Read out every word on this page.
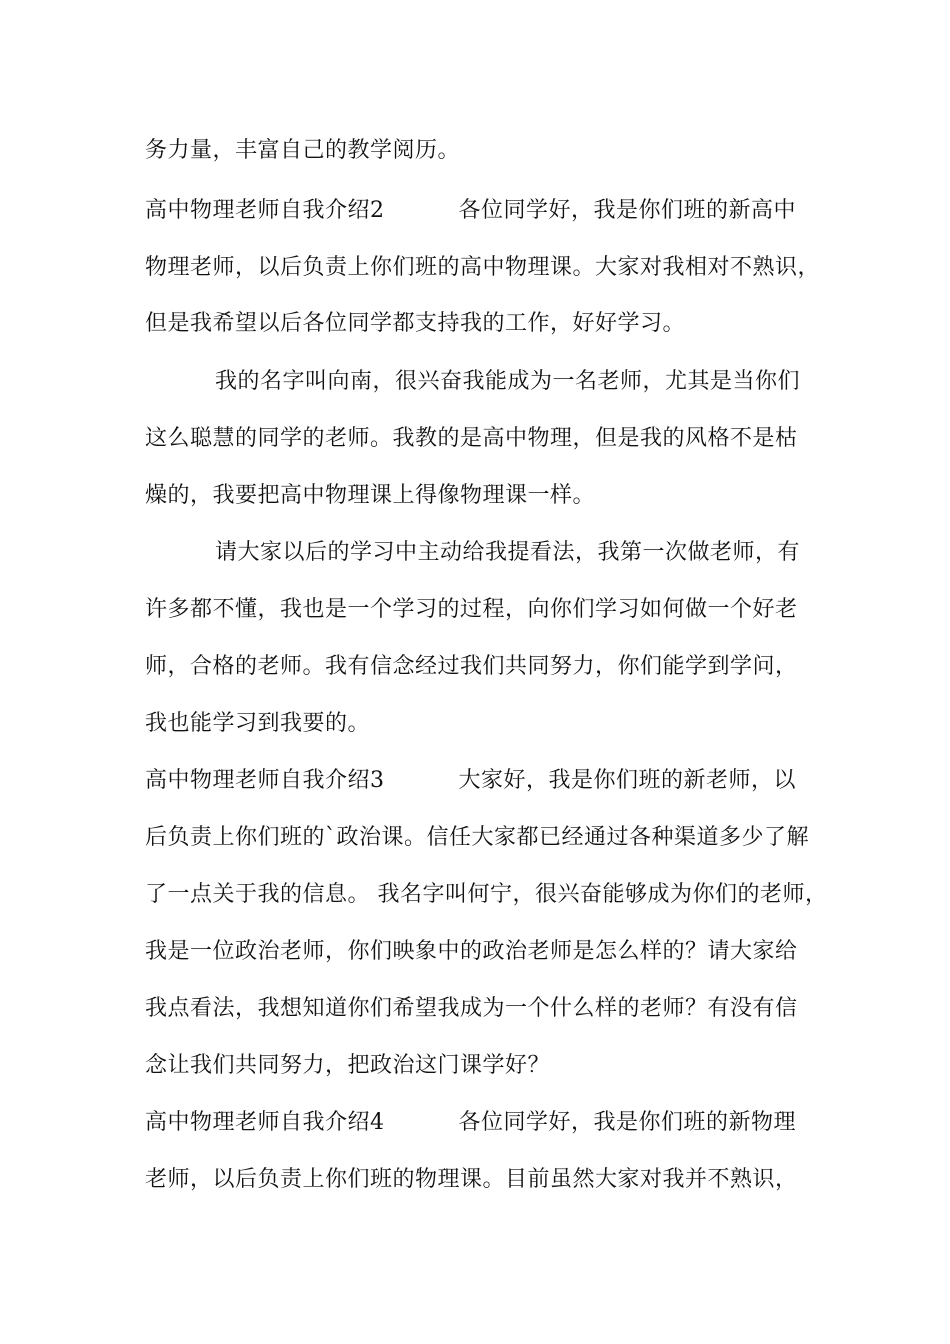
务力量，丰富自己的教学阅历。
高中物理老师自我介绍2	各位同学好，我是你们班的新高中
物理老师，以后负责上你们班的高中物理课。大家对我相对不熟识，
但是我希望以后各位同学都支持我的工作，好好学习。
我的名字叫向南，很兴奋我能成为一名老师，尤其是当你们
这么聪慧的同学的老师。我教的是高中物理，但是我的风格不是枯
燥的，我要把高中物理课上得像物理课一样。
请大家以后的学习中主动给我提看法，我第一次做老师，有
许多都不懂，我也是一个学习的过程，向你们学习如何做一个好老
师，合格的老师。我有信念经过我们共同努力，你们能学到学问，
我也能学习到我要的。
高中物理老师自我介绍3	大家好，我是你们班的新老师，以
后负责上你们班的`政治课。信任大家都已经通过各种渠道多少了解
了一点关于我的信息。 我名字叫何宁，很兴奋能够成为你们的老师，
我是一位政治老师，你们映象中的政治老师是怎么样的？请大家给
我点看法，我想知道你们希望我成为一个什么样的老师？有没有信
念让我们共同努力，把政治这门课学好？
高中物理老师自我介绍4	各位同学好，我是你们班的新物理
老师，以后负责上你们班的物理课。目前虽然大家对我并不熟识，
